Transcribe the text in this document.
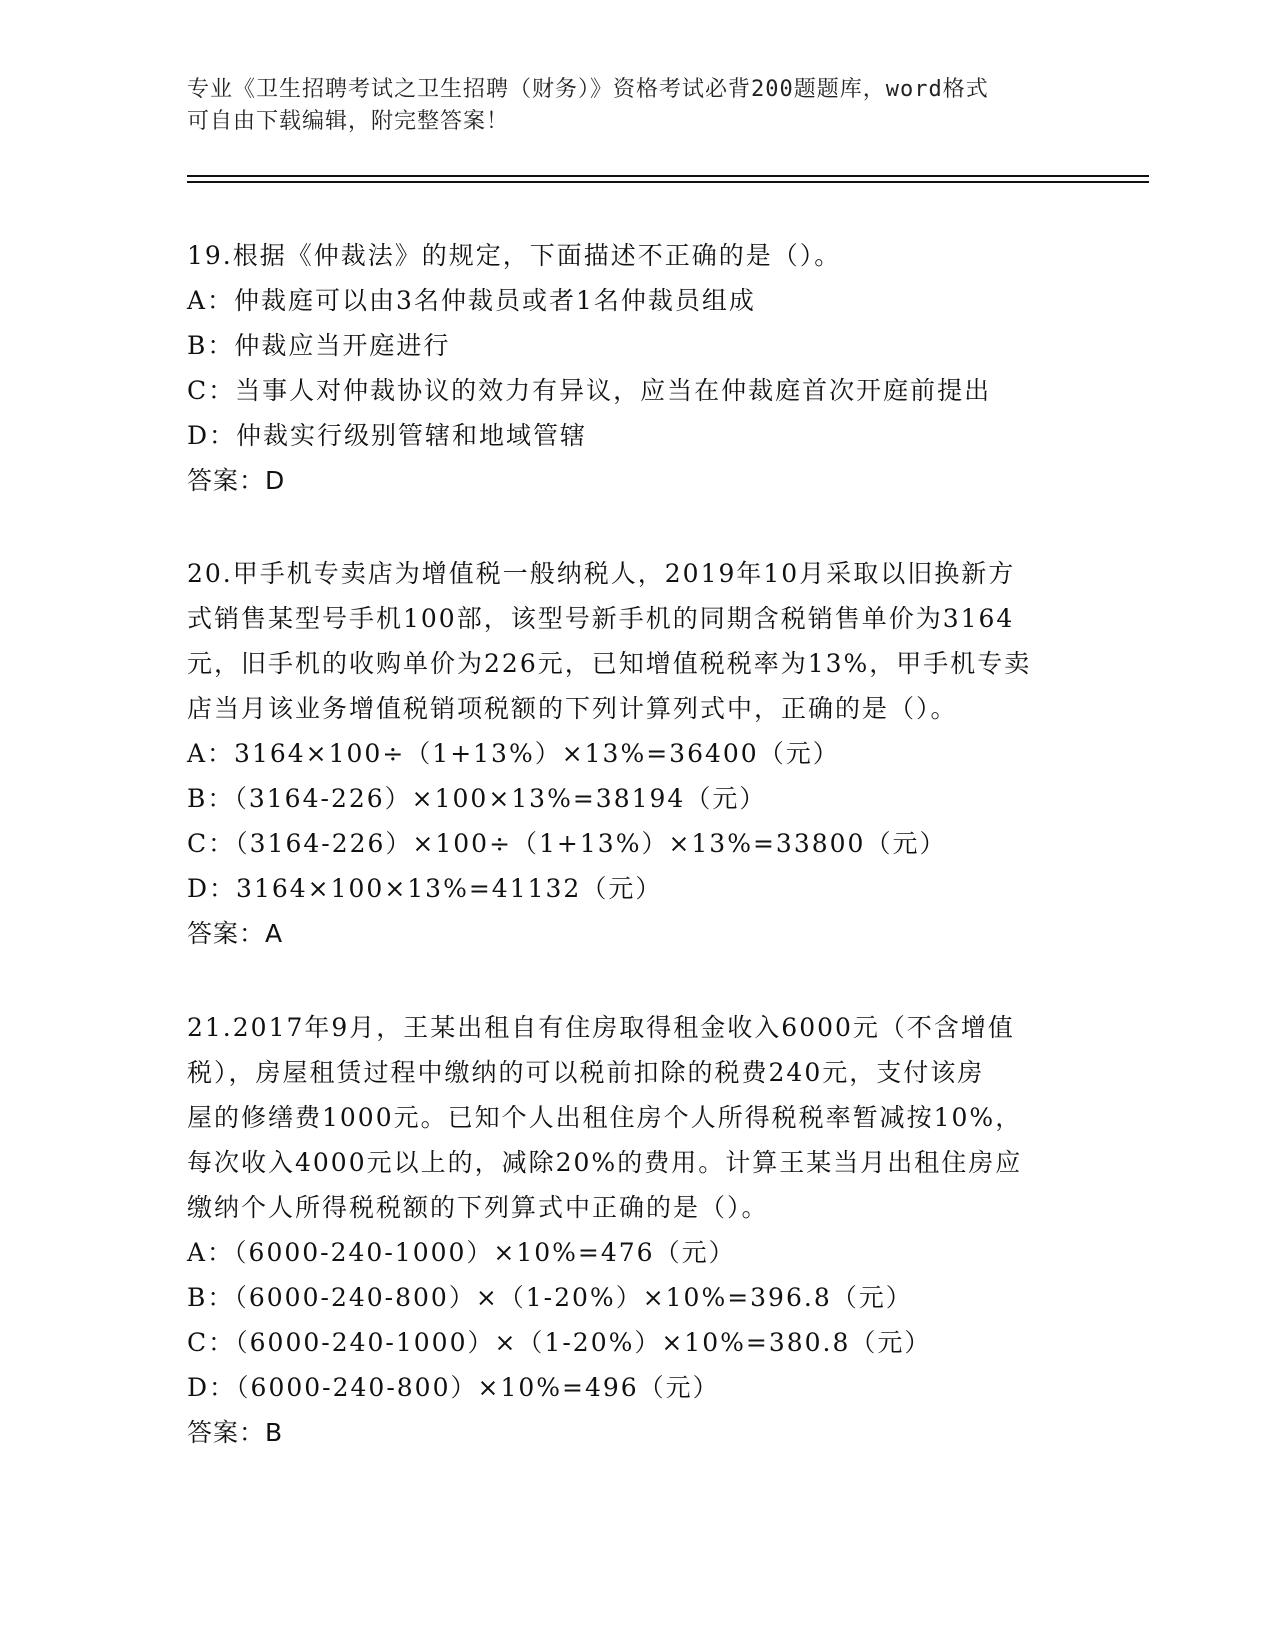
专业《卫生招聘考试之卫生招聘（财务）》资格考试必背200题题库，word格式
可自由下载编辑，附完整答案！
19.根据《仲裁法》的规定，下面描述不正确的是（）。
A：仲裁庭可以由3名仲裁员或者1名仲裁员组成
B：仲裁应当开庭进行
C：当事人对仲裁协议的效力有异议，应当在仲裁庭首次开庭前提出
D：仲裁实行级别管辖和地域管辖
答案：D
20.甲手机专卖店为增值税一般纳税人，2019年10月采取以旧换新方
式销售某型号手机100部，该型号新手机的同期含税销售单价为3164
元，旧手机的收购单价为226元，已知增值税税率为13%，甲手机专卖
店当月该业务增值税销项税额的下列计算列式中，正确的是（）。
A：3164×100÷（1+13%）×13%=36400（元）
B：（3164-226）×100×13%=38194（元）
C：（3164-226）×100÷（1+13%）×13%=33800（元）
D：3164×100×13%=41132（元）
答案：A
21.2017年9月，王某出租自有住房取得租金收入6000元（不含增值
税），房屋租赁过程中缴纳的可以税前扣除的税费240元，支付该房
屋的修缮费1000元。已知个人出租住房个人所得税税率暂减按10%，
每次收入4000元以上的，减除20%的费用。计算王某当月出租住房应
缴纳个人所得税税额的下列算式中正确的是（）。
A：（6000-240-1000）×10%=476（元）
B：（6000-240-800）×（1-20%）×10%=396.8（元）
C：（6000-240-1000）×（1-20%）×10%=380.8（元）
D：（6000-240-800）×10%=496（元）
答案：B
